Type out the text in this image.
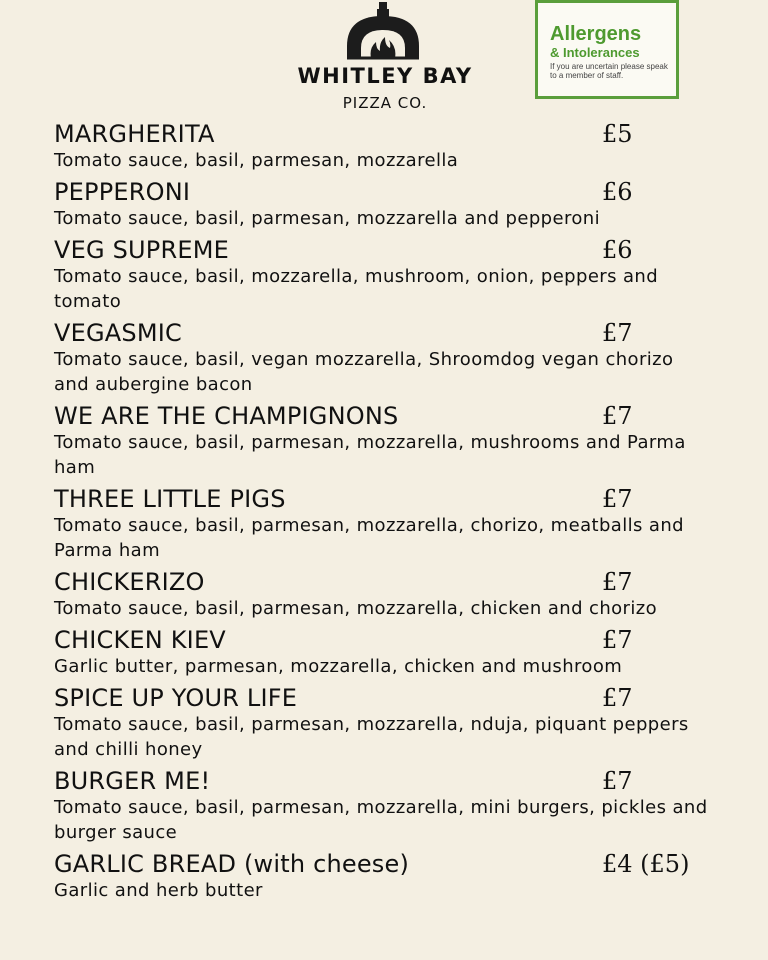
WHITLEY BAY
PIZZA CO.
Allergens
& Intolerances
If you are uncertain please speak to a member of staff.
MARGHERITA	£5
Tomato sauce, basil, parmesan, mozzarella
PEPPERONI	£6
Tomato sauce, basil, parmesan, mozzarella and pepperoni
VEG SUPREME	£6
Tomato sauce, basil, mozzarella, mushroom, onion, peppers and tomato
VEGASMIC	£7
Tomato sauce, basil, vegan mozzarella, Shroomdog vegan chorizo and aubergine bacon
WE ARE THE CHAMPIGNONS	£7
Tomato sauce, basil, parmesan, mozzarella, mushrooms and Parma ham
THREE LITTLE PIGS	£7
Tomato sauce, basil, parmesan, mozzarella, chorizo, meatballs and Parma ham
CHICKERIZO	£7
Tomato sauce, basil, parmesan, mozzarella, chicken and chorizo
CHICKEN KIEV	£7
Garlic butter, parmesan, mozzarella, chicken and mushroom
SPICE UP YOUR LIFE	£7
Tomato sauce, basil, parmesan, mozzarella, nduja, piquant peppers and chilli honey
BURGER ME!	£7
Tomato sauce, basil, parmesan, mozzarella, mini burgers, pickles and burger sauce
GARLIC BREAD (with cheese)	£4 (£5)
Garlic and herb butter
